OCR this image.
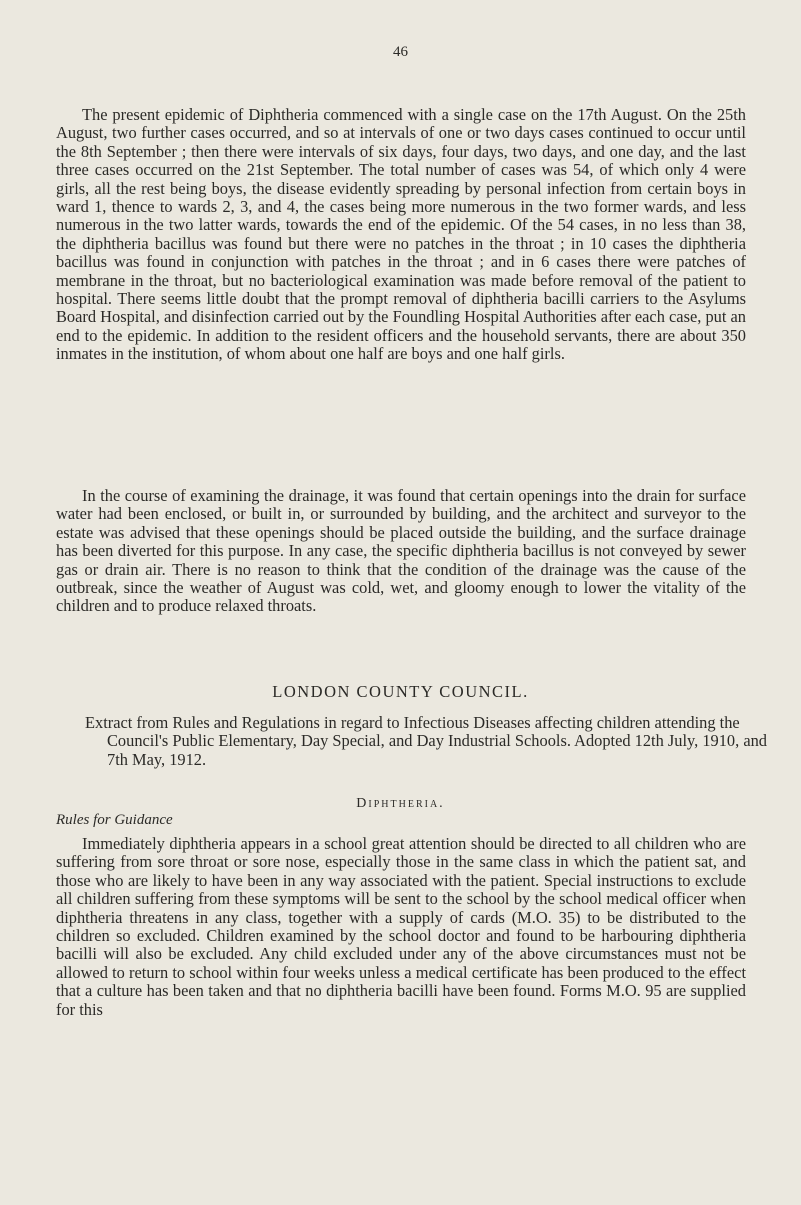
46

The present epidemic of Diphtheria commenced with a single case on the 17th August. On the 25th August, two further cases occurred, and so at intervals of one or two days cases continued to occur until the 8th September ; then there were intervals of six days, four days, two days, and one day, and the last three cases occurred on the 21st September. The total number of cases was 54, of which only 4 were girls, all the rest being boys, the disease evidently spreading by personal infection from certain boys in ward 1, thence to wards 2, 3, and 4, the cases being more numerous in the two former wards, and less numerous in the two latter wards, towards the end of the epidemic. Of the 54 cases, in no less than 38, the diphtheria bacillus was found but there were no patches in the throat ; in 10 cases the diphtheria bacillus was found in conjunction with patches in the throat ; and in 6 cases there were patches of membrane in the throat, but no bacteriological examination was made before removal of the patient to hospital. There seems little doubt that the prompt removal of diphtheria bacilli carriers to the Asylums Board Hospital, and disinfection carried out by the Foundling Hospital Authorities after each case, put an end to the epidemic. In addition to the resident officers and the household servants, there are about 350 inmates in the institution, of whom about one half are boys and one half girls.

In the course of examining the drainage, it was found that certain openings into the drain for surface water had been enclosed, or built in, or surrounded by building, and the architect and surveyor to the estate was advised that these openings should be placed outside the building, and the surface drainage has been diverted for this purpose. In any case, the specific diphtheria bacillus is not conveyed by sewer gas or drain air. There is no reason to think that the condition of the drainage was the cause of the outbreak, since the weather of August was cold, wet, and gloomy enough to lower the vitality of the children and to produce relaxed throats.

LONDON COUNTY COUNCIL.
Extract from Rules and Regulations in regard to Infectious Diseases affecting children attending the Council's Public Elementary, Day Special, and Day Industrial Schools. Adopted 12th July, 1910, and 7th May, 1912.
Diphtheria.
Rules for Guidance

Immediately diphtheria appears in a school great attention should be directed to all children who are suffering from sore throat or sore nose, especially those in the same class in which the patient sat, and those who are likely to have been in any way associated with the patient. Special instructions to exclude all children suffering from these symptoms will be sent to the school by the school medical officer when diphtheria threatens in any class, together with a supply of cards (M.O. 35) to be distributed to the children so excluded. Children examined by the school doctor and found to be harbouring diphtheria bacilli will also be excluded. Any child excluded under any of the above circumstances must not be allowed to return to school within four weeks unless a medical certificate has been produced to the effect that a culture has been taken and that no diphtheria bacilli have been found. Forms M.O. 95 are supplied for this
